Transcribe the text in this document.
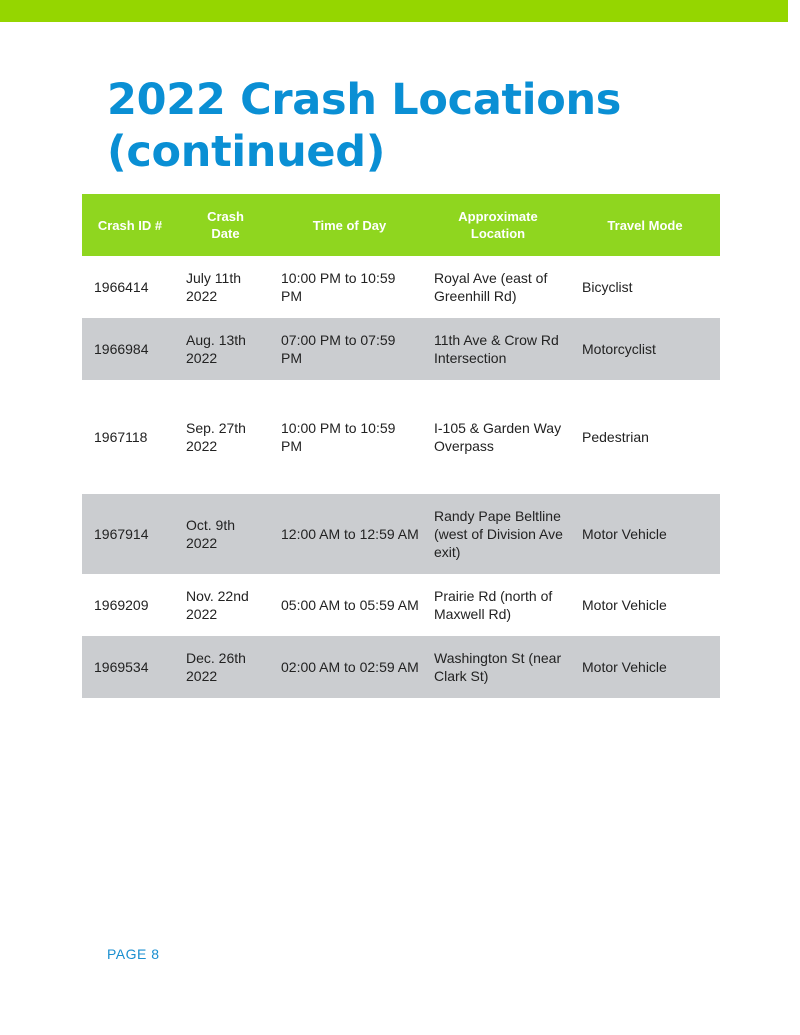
2022 Crash Locations (continued)
Crash ID #	Crash Date	Time of Day	Approximate Location	Travel Mode
1966414	July 11th 2022	10:00 PM to 10:59 PM	Royal Ave (east of Greenhill Rd)	Bicyclist
1966984	Aug. 13th 2022	07:00 PM to 07:59 PM	11th Ave & Crow Rd Intersection	Motorcyclist
1967118	Sep. 27th 2022	10:00 PM to 10:59 PM	I-105 & Garden Way Overpass	Pedestrian
1967914	Oct. 9th 2022	12:00 AM to 12:59 AM	Randy Pape Beltline (west of Division Ave exit)	Motor Vehicle
1969209	Nov. 22nd 2022	05:00 AM to 05:59 AM	Prairie Rd (north of Maxwell Rd)	Motor Vehicle
1969534	Dec. 26th 2022	02:00 AM to 02:59 AM	Washington St (near Clark St)	Motor Vehicle
PAGE 8
